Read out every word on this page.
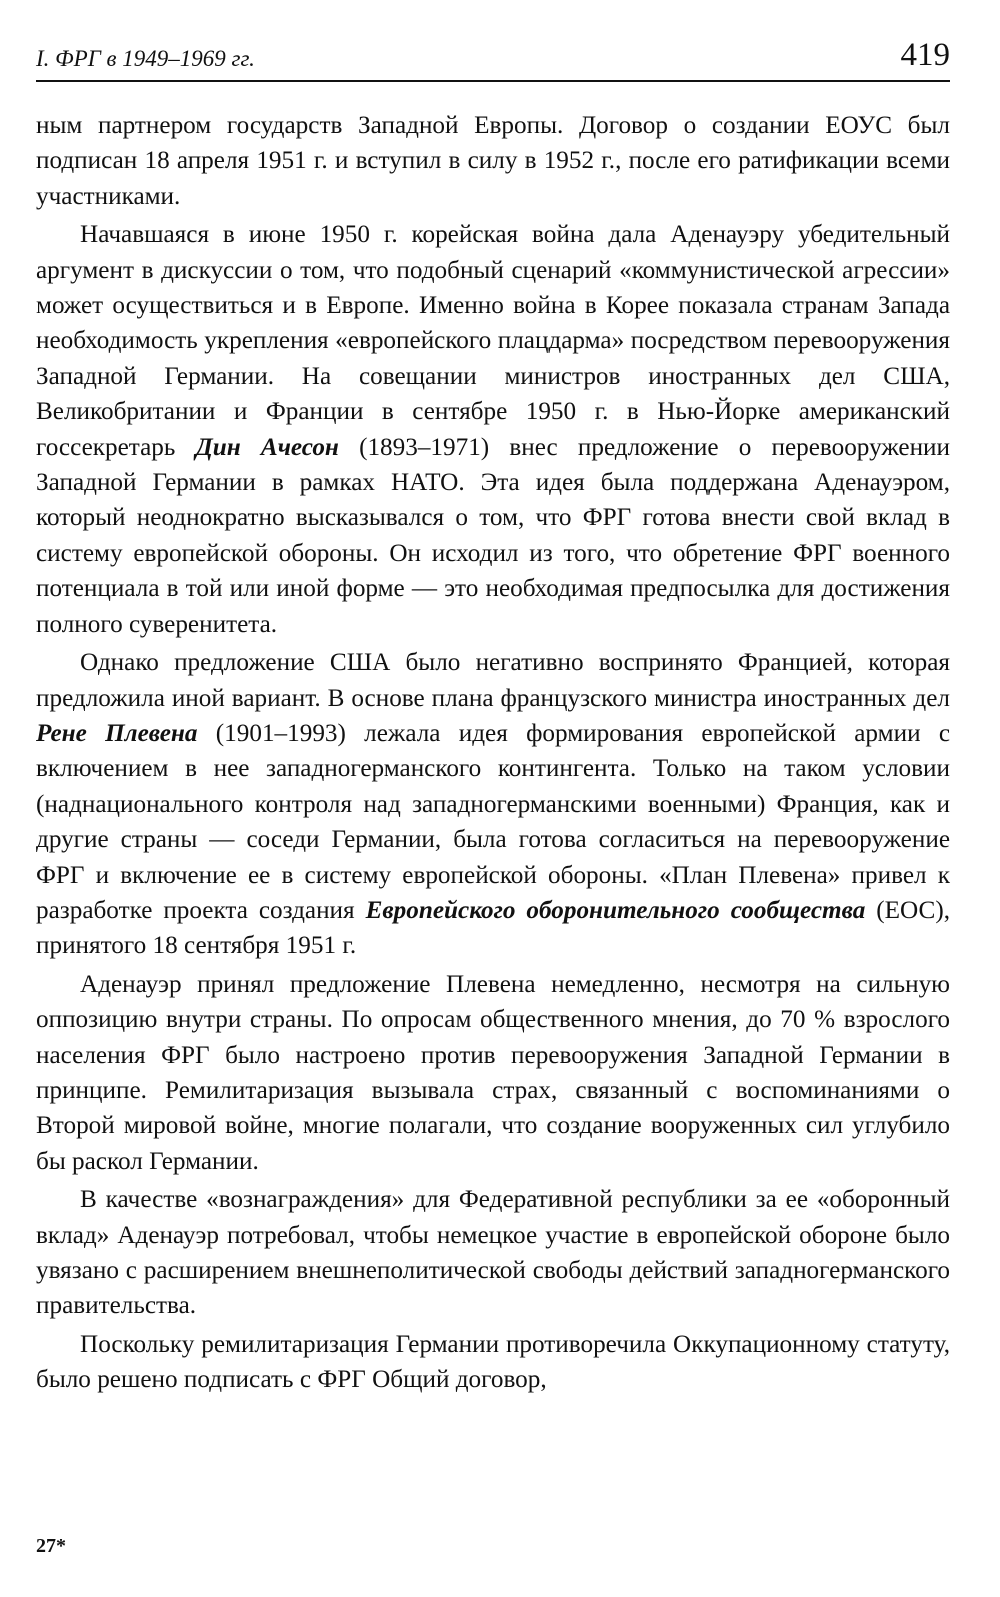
I. ФРГ в 1949–1969 гг.	419

ным партнером государств Западной Европы. Договор о создании ЕОУС был подписан 18 апреля 1951 г. и вступил в силу в 1952 г., после его ратификации всеми участниками.

Начавшаяся в июне 1950 г. корейская война дала Аденауэру убедительный аргумент в дискуссии о том, что подобный сценарий «коммунистической агрессии» может осуществиться и в Европе. Именно война в Корее показала странам Запада необходимость укрепления «европейского плацдарма» посредством перевооружения Западной Германии. На совещании министров иностранных дел США, Великобритании и Франции в сентябре 1950 г. в Нью-Йорке американский госсекретарь Дин Ачесон (1893–1971) внес предложение о перевооружении Западной Германии в рамках НАТО. Эта идея была поддержана Аденауэром, который неоднократно высказывался о том, что ФРГ готова внести свой вклад в систему европейской обороны. Он исходил из того, что обретение ФРГ военного потенциала в той или иной форме — это необходимая предпосылка для достижения полного суверенитета.

Однако предложение США было негативно воспринято Францией, которая предложила иной вариант. В основе плана французского министра иностранных дел Рене Плевена (1901–1993) лежала идея формирования европейской армии с включением в нее западногерманского контингента. Только на таком условии (наднационального контроля над западногерманскими военными) Франция, как и другие страны — соседи Германии, была готова согласиться на перевооружение ФРГ и включение ее в систему европейской обороны. «План Плевена» привел к разработке проекта создания Европейского оборонительного сообщества (ЕОС), принятого 18 сентября 1951 г.

Аденауэр принял предложение Плевена немедленно, несмотря на сильную оппозицию внутри страны. По опросам общественного мнения, до 70 % взрослого населения ФРГ было настроено против перевооружения Западной Германии в принципе. Ремилитаризация вызывала страх, связанный с воспоминаниями о Второй мировой войне, многие полагали, что создание вооруженных сил углубило бы раскол Германии.

В качестве «вознаграждения» для Федеративной республики за ее «оборонный вклад» Аденауэр потребовал, чтобы немецкое участие в европейской обороне было увязано с расширением внешнеполитической свободы действий западногерманского правительства.

Поскольку ремилитаризация Германии противоречила Оккупационному статуту, было решено подписать с ФРГ Общий договор,

27*
